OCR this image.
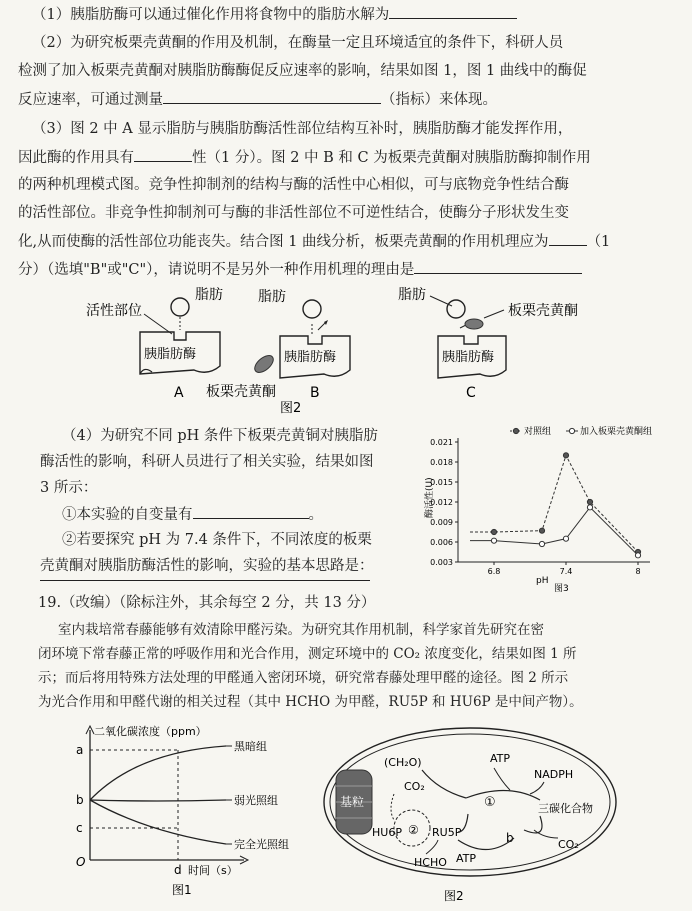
（1）胰脂肪酶可以通过催化作用将食物中的脂肪水解为
（2）为研究板栗壳黄酮的作用及机制，在酶量一定且环境适宜的条件下，科研人员
检测了加入板栗壳黄酮对胰脂肪酶酶促反应速率的影响，结果如图 1，图 1 曲线中的酶促
反应速率，可通过测量	（指标）来体现。
（3）图 2 中 A 显示脂肪与胰脂肪酶活性部位结构互补时，胰脂肪酶才能发挥作用，
因此酶的作用具有	性（1 分）。图 2 中 B 和 C 为板栗壳黄酮对胰脂肪酶抑制作用
的两种机理模式图。竞争性抑制剂的结构与酶的活性中心相似，可与底物竞争性结合酶
的活性部位。非竞争性抑制剂可与酶的非活性部位不可逆性结合，使酶分子形状发生变
化,从而使酶的活性部位功能丧失。结合图 1 曲线分析，板栗壳黄酮的作用机理应为	（1
分）（选填"B"或"C"），请说明不是另外一种作用机理的理由是
脂肪
胰脂肪酶
活性部位
A
脂肪
胰脂肪酶
板栗壳黄酮 B
图2
脂肪
板栗壳黄酮
胰脂肪酶
C
（4）为研究不同 pH 条件下板栗壳黄铜对胰脂肪
酶活性的影响，科研人员进行了相关实验，结果如图
3 所示：
①本实验的自变量有	。
②若要探究 pH 为 7.4 条件下，不同浓度的板栗
壳黄酮对胰脂肪酶活性的影响，实验的基本思路是：	0.003
0.006
0.009
0.012
0.015
0.018
0.021
6.8	7.4	8
酶活性(U)
pH
图3
对照组	加入板栗壳黄酮组
19.（改编）（除标注外，其余每空 2 分，共 13 分）
室内栽培常春藤能够有效清除甲醛污染。为研究其作用机制，科学家首先研究在密
闭环境下常春藤正常的呼吸作用和光合作用，测定环境中的 CO₂ 浓度变化，结果如图 1 所
示；而后将用特殊方法处理的甲醛通入密闭环境，研究常春藤处理甲醛的途径。图 2 所示
为光合作用和甲醛代谢的相关过程（其中 HCHO 为甲醛，RU5P 和 HU6P 是中间产物）。
二氧化碳浓度（ppm）
a
b
c
O
黑暗组
弱光照组
完全光照组
d 时间（s）
图1
基粒
(CH₂O)
CO₂
ATP
NADPH
①	三碳化合物
RU5P
HU6P ②
HCHO ATP
b	CO₂
图2
